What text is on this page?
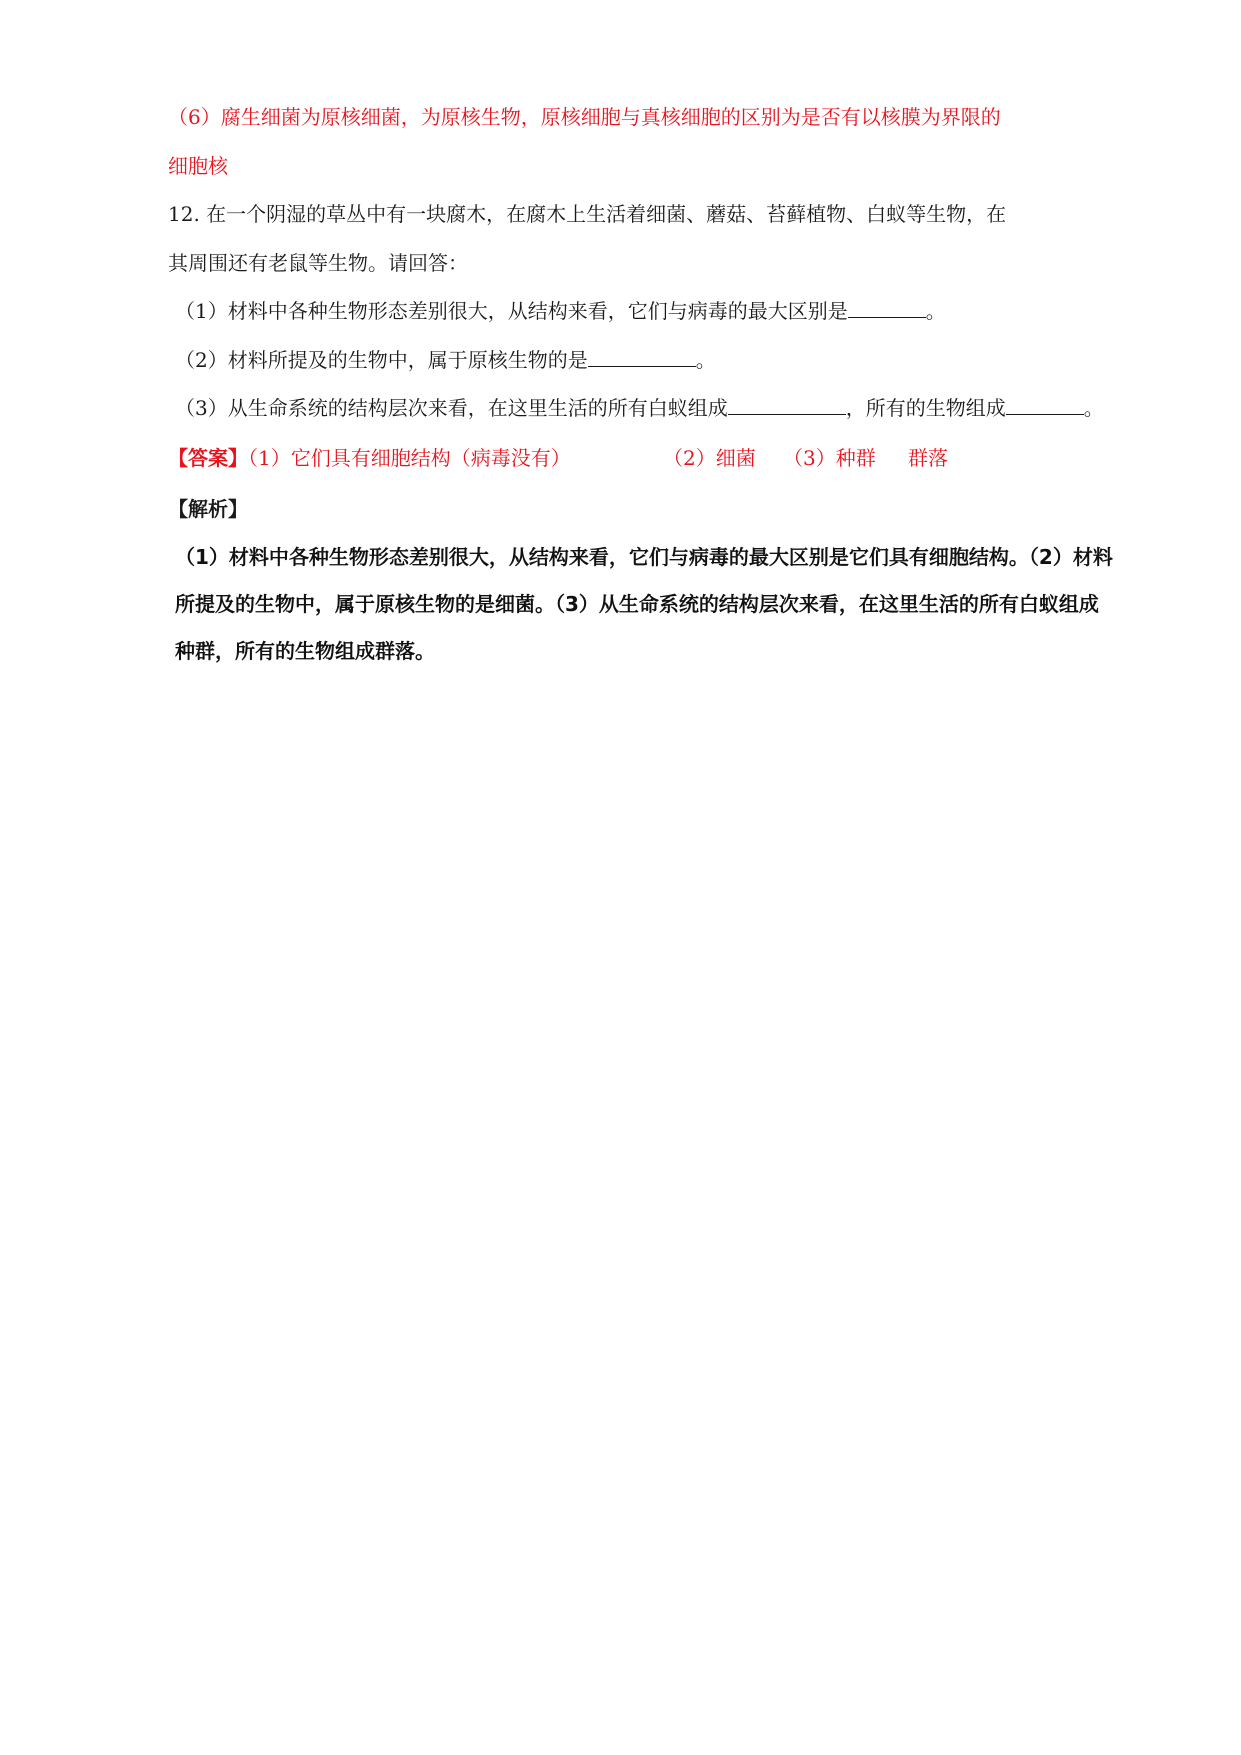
（6）腐生细菌为原核细菌，为原核生物，原核细胞与真核细胞的区别为是否有以核膜为界限的
细胞核
12. 在一个阴湿的草丛中有一块腐木，在腐木上生活着细菌、蘑菇、苔藓植物、白蚁等生物，在
其周围还有老鼠等生物。请回答：
（1）材料中各种生物形态差别很大，从结构来看，它们与病毒的最大区别是	。
（2）材料所提及的生物中，属于原核生物的是	。
（3）从生命系统的结构层次来看，在这里生活的所有白蚁组成	，所有的生物组成	。
【答案】（1）它们具有细胞结构（病毒没有）	（2）细菌 （3）种群 群落
【解析】
（1）材料中各种生物形态差别很大，从结构来看，它们与病毒的最大区别是它们具有细胞结构。（2）材料
所提及的生物中，属于原核生物的是细菌。（3）从生命系统的结构层次来看，在这里生活的所有白蚁组成
种群，所有的生物组成群落。
